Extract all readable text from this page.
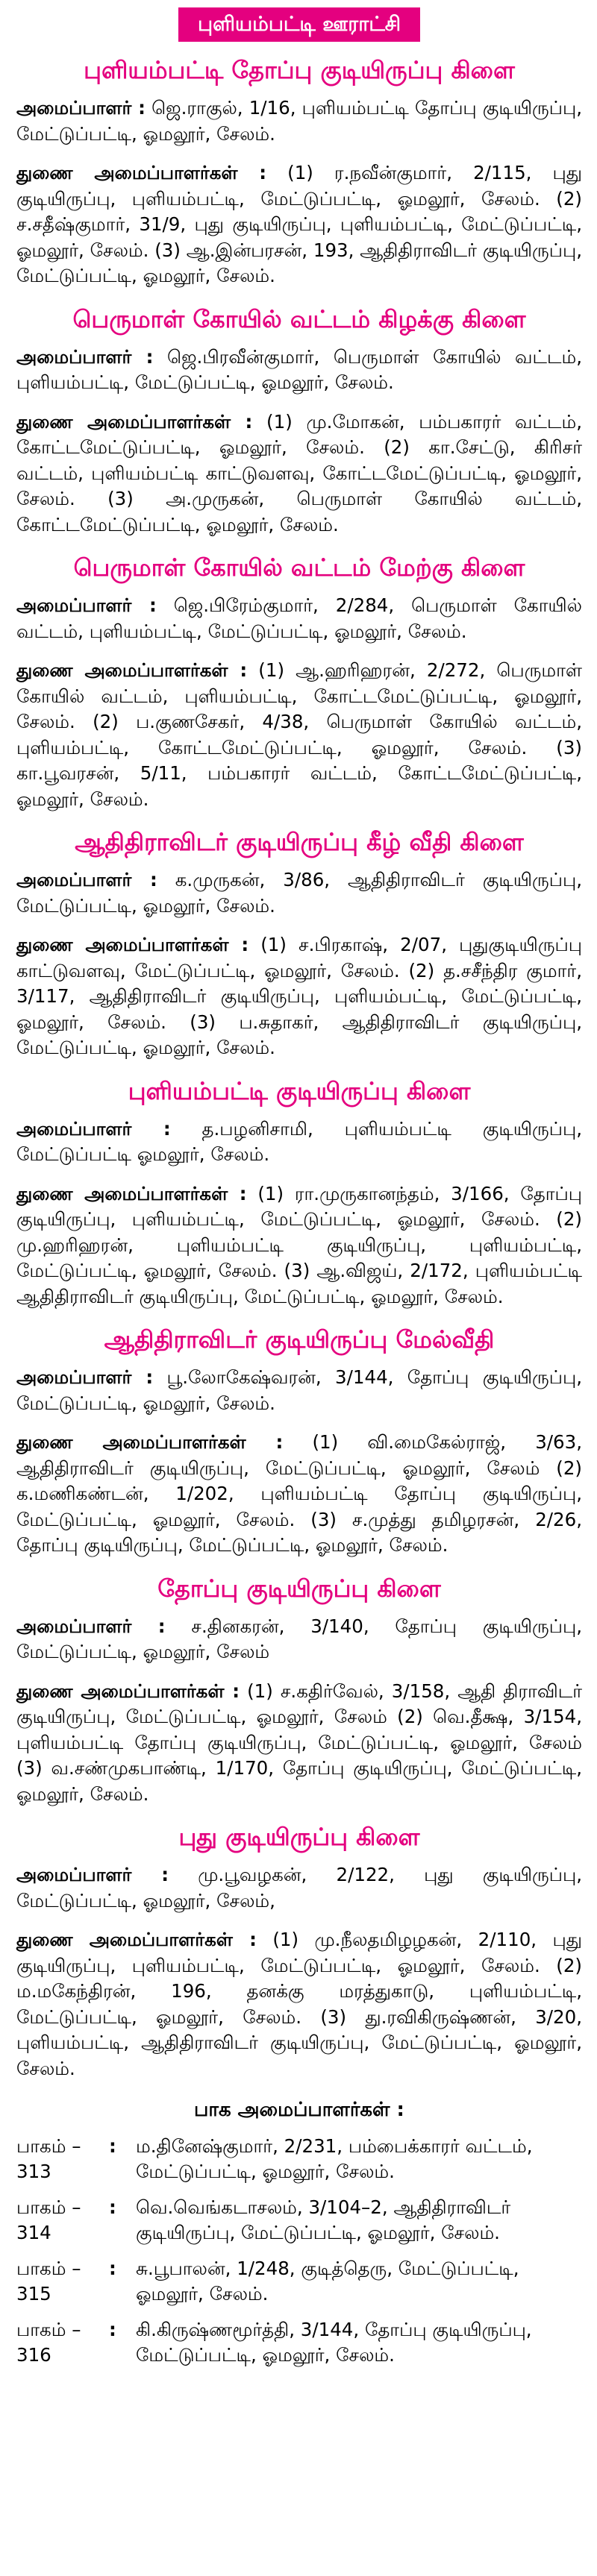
புளியம்பட்டி ஊராட்சி
புளியம்பட்டி தோப்பு குடியிருப்பு கிளை

அமைப்பாளர் : ஜெ.ராகுல், 1/16, புளியம்பட்டி தோப்பு குடியிருப்பு, மேட்டுப்பட்டி, ஓமலூர், சேலம்.

துணை அமைப்பாளர்கள் : (1) ர.நவீன்குமார், 2/115, புது குடியிருப்பு, புளியம்பட்டி, மேட்டுப்பட்டி, ஓமலூர், சேலம். (2) ச.சதீஷ்குமார், 31/9, புது குடியிருப்பு, புளியம்பட்டி, மேட்டுப்பட்டி, ஓமலூர், சேலம். (3) ஆ.இன்பரசன், 193, ஆதிதிராவிடர் குடியிருப்பு, மேட்டுப்பட்டி, ஓமலூர், சேலம்.

பெருமாள் கோயில் வட்டம் கிழக்கு கிளை

அமைப்பாளர் : ஜெ.பிரவீன்குமார், பெருமாள் கோயில் வட்டம், புளியம்பட்டி, மேட்டுப்பட்டி, ஓமலூர், சேலம்.

துணை அமைப்பாளர்கள் : (1) மு.மோகன், பம்பகாரர் வட்டம், கோட்டமேட்டுப்பட்டி, ஓமலூர், சேலம். (2) கா.சேட்டு, கிரிசர் வட்டம், புளியம்பட்டி காட்டுவளவு, கோட்டமேட்டுப்பட்டி, ஓமலூர், சேலம். (3) அ.முருகன், பெருமாள் கோயில் வட்டம், கோட்டமேட்டுப்பட்டி, ஓமலூர், சேலம்.

பெருமாள் கோயில் வட்டம் மேற்கு கிளை

அமைப்பாளர் : ஜெ.பிரேம்குமார், 2/284, பெருமாள் கோயில் வட்டம், புளியம்பட்டி, மேட்டுப்பட்டி, ஓமலூர், சேலம்.

துணை அமைப்பாளர்கள் : (1) ஆ.ஹரிஹரன், 2/272, பெருமாள் கோயில் வட்டம், புளியம்பட்டி, கோட்டமேட்டுப்பட்டி, ஓமலூர், சேலம். (2) ப.குணசேகர், 4/38, பெருமாள் கோயில் வட்டம், புளியம்பட்டி, கோட்டமேட்டுப்பட்டி, ஓமலூர், சேலம். (3) கா.பூவரசன், 5/11, பம்பகாரர் வட்டம், கோட்டமேட்டுப்பட்டி, ஓமலூர், சேலம்.

ஆதிதிராவிடர் குடியிருப்பு கீழ் வீதி கிளை

அமைப்பாளர் : க.முருகன், 3/86, ஆதிதிராவிடர் குடியிருப்பு, மேட்டுப்பட்டி, ஓமலூர், சேலம்.

துணை அமைப்பாளர்கள் : (1) ச.பிரகாஷ், 2/07, புதுகுடியிருப்பு காட்டுவளவு, மேட்டுப்பட்டி, ஓமலூர், சேலம். (2) த.சசீந்திர குமார், 3/117, ஆதிதிராவிடர் குடியிருப்பு, புளியம்பட்டி, மேட்டுப்பட்டி, ஓமலூர், சேலம். (3) ப.சுதாகர், ஆதிதிராவிடர் குடியிருப்பு, மேட்டுப்பட்டி, ஓமலூர், சேலம்.

புளியம்பட்டி குடியிருப்பு கிளை

அமைப்பாளர் : த.பழனிசாமி, புளியம்பட்டி குடியிருப்பு, மேட்டுப்பட்டி ஓமலூர், சேலம்.

துணை அமைப்பாளர்கள் : (1) ரா.முருகானந்தம், 3/166, தோப்பு குடியிருப்பு, புளியம்பட்டி, மேட்டுப்பட்டி, ஓமலூர், சேலம். (2) மு.ஹரிஹரன், புளியம்பட்டி குடியிருப்பு, புளியம்பட்டி, மேட்டுப்பட்டி, ஓமலூர், சேலம். (3) ஆ.விஜய், 2/172, புளியம்பட்டி ஆதிதிராவிடர் குடியிருப்பு, மேட்டுப்பட்டி, ஓமலூர், சேலம்.

ஆதிதிராவிடர் குடியிருப்பு மேல்வீதி

அமைப்பாளர் : பூ.லோகேஷ்வரன், 3/144, தோப்பு குடியிருப்பு, மேட்டுப்பட்டி, ஓமலூர், சேலம்.

துணை அமைப்பாளர்கள் : (1) வி.மைகேல்ராஜ், 3/63, ஆதிதிராவிடர் குடியிருப்பு, மேட்டுப்பட்டி, ஓமலூர், சேலம் (2) க.மணிகண்டன், 1/202, புளியம்பட்டி தோப்பு குடியிருப்பு, மேட்டுப்பட்டி, ஓமலூர், சேலம். (3) ச.முத்து தமிழரசன், 2/26, தோப்பு குடியிருப்பு, மேட்டுப்பட்டி, ஓமலூர், சேலம்.

தோப்பு குடியிருப்பு கிளை

அமைப்பாளர் : ச.தினகரன், 3/140, தோப்பு குடியிருப்பு, மேட்டுப்பட்டி, ஓமலூர், சேலம்

துணை அமைப்பாளர்கள் : (1) ச.கதிர்வேல், 3/158, ஆதி திராவிடர் குடியிருப்பு, மேட்டுப்பட்டி, ஓமலூர், சேலம் (2) வெ.தீக்ஷ, 3/154, புளியம்பட்டி தோப்பு குடியிருப்பு, மேட்டுப்பட்டி, ஓமலூர், சேலம் (3) வ.சண்முகபாண்டி, 1/170, தோப்பு குடியிருப்பு, மேட்டுப்பட்டி, ஓமலூர், சேலம்.

புது குடியிருப்பு கிளை

அமைப்பாளர் : மு.பூவழகன், 2/122, புது குடியிருப்பு, மேட்டுப்பட்டி, ஓமலூர், சேலம்,

துணை அமைப்பாளர்கள் : (1) மு.நீலதமிழழகன், 2/110, புது குடியிருப்பு, புளியம்பட்டி, மேட்டுப்பட்டி, ஓமலூர், சேலம். (2) ம.மகேந்திரன், 196, தனக்கு மரத்துகாடு, புளியம்பட்டி, மேட்டுப்பட்டி, ஓமலூர், சேலம். (3) து.ரவிகிருஷ்ணன், 3/20, புளியம்பட்டி, ஆதிதிராவிடர் குடியிருப்பு, மேட்டுப்பட்டி, ஓமலூர், சேலம்.

பாக அமைப்பாளர்கள் :
பாகம் – 313
:	ம.தினேஷ்குமார், 2/231, பம்பைக்காரர் வட்டம், மேட்டுப்பட்டி, ஓமலூர், சேலம்.
பாகம் – 314
:	வெ.வெங்கடாசலம், 3/104–2, ஆதிதிராவிடர் குடியிருப்பு, மேட்டுப்பட்டி, ஓமலூர், சேலம்.
பாகம் – 315
:	சு.பூபாலன், 1/248, குடித்தெரு, மேட்டுப்பட்டி, ஓமலூர், சேலம்.
பாகம் – 316
:	கி.கிருஷ்ணமூர்த்தி, 3/144, தோப்பு குடியிருப்பு, மேட்டுப்பட்டி, ஓமலூர், சேலம்.
